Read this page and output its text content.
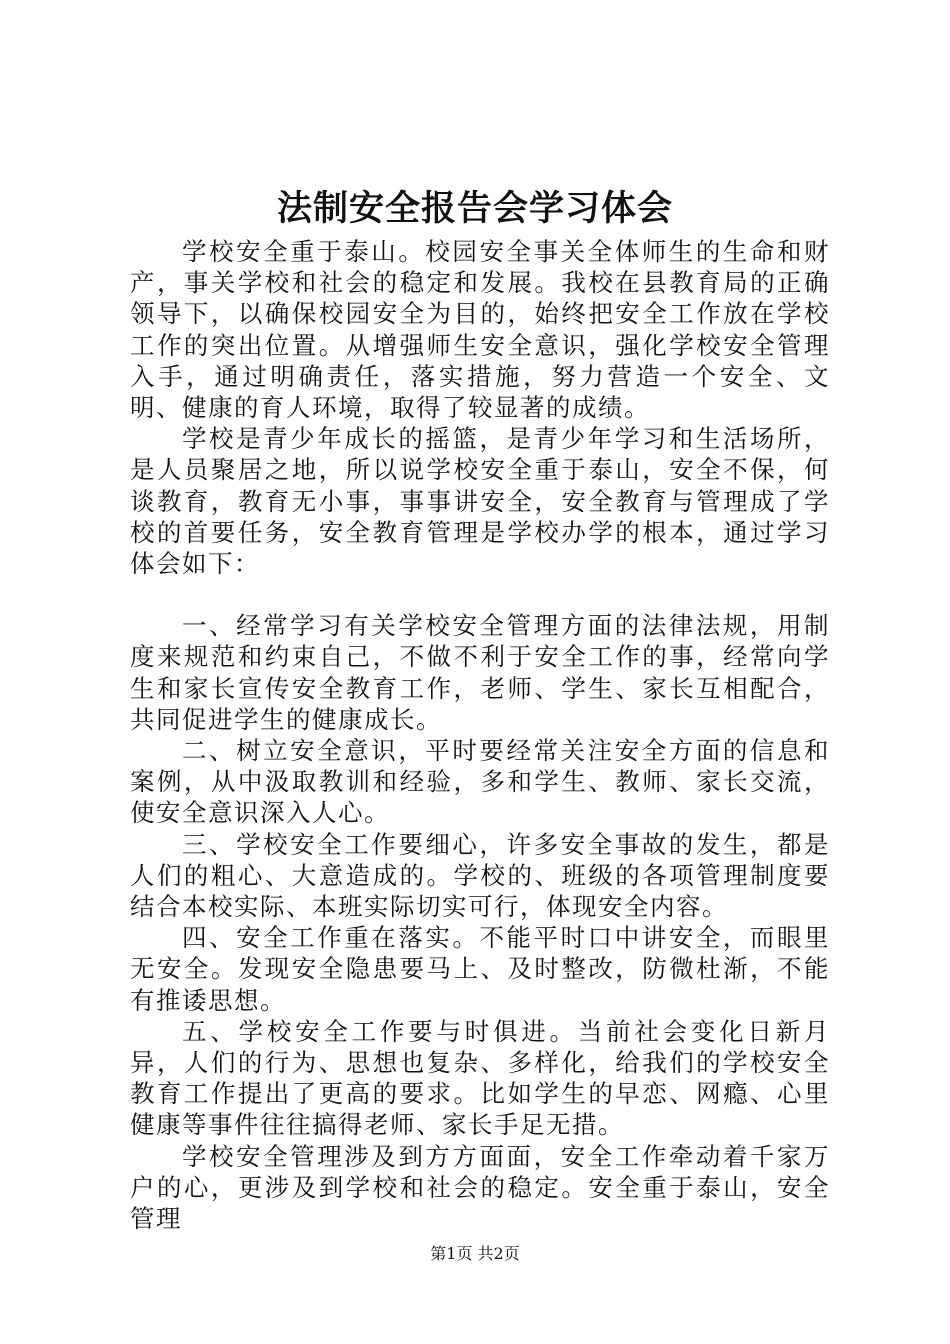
法制安全报告会学习体会

学校安全重于泰山。校园安全事关全体师生的生命和财产，事关学校和社会的稳定和发展。我校在县教育局的正确领导下，以确保校园安全为目的，始终把安全工作放在学校工作的突出位置。从增强师生安全意识，强化学校安全管理入手，通过明确责任，落实措施，努力营造一个安全、文明、健康的育人环境，取得了较显著的成绩。

学校是青少年成长的摇篮，是青少年学习和生活场所，是人员聚居之地，所以说学校安全重于泰山，安全不保，何谈教育，教育无小事，事事讲安全，安全教育与管理成了学校的首要任务，安全教育管理是学校办学的根本，通过学习体会如下：

一、经常学习有关学校安全管理方面的法律法规，用制度来规范和约束自己，不做不利于安全工作的事，经常向学生和家长宣传安全教育工作，老师、学生、家长互相配合，共同促进学生的健康成长。

二、树立安全意识，平时要经常关注安全方面的信息和案例，从中汲取教训和经验，多和学生、教师、家长交流，使安全意识深入人心。

三、学校安全工作要细心，许多安全事故的发生，都是人们的粗心、大意造成的。学校的、班级的各项管理制度要结合本校实际、本班实际切实可行，体现安全内容。

四、安全工作重在落实。不能平时口中讲安全，而眼里无安全。发现安全隐患要马上、及时整改，防微杜渐，不能有推诿思想。

五、学校安全工作要与时俱进。当前社会变化日新月异，人们的行为、思想也复杂、多样化，给我们的学校安全教育工作提出了更高的要求。比如学生的早恋、网瘾、心里健康等事件往往搞得老师、家长手足无措。

学校安全管理涉及到方方面面，安全工作牵动着千家万户的心，更涉及到学校和社会的稳定。安全重于泰山，安全管理

第1页 共2页
